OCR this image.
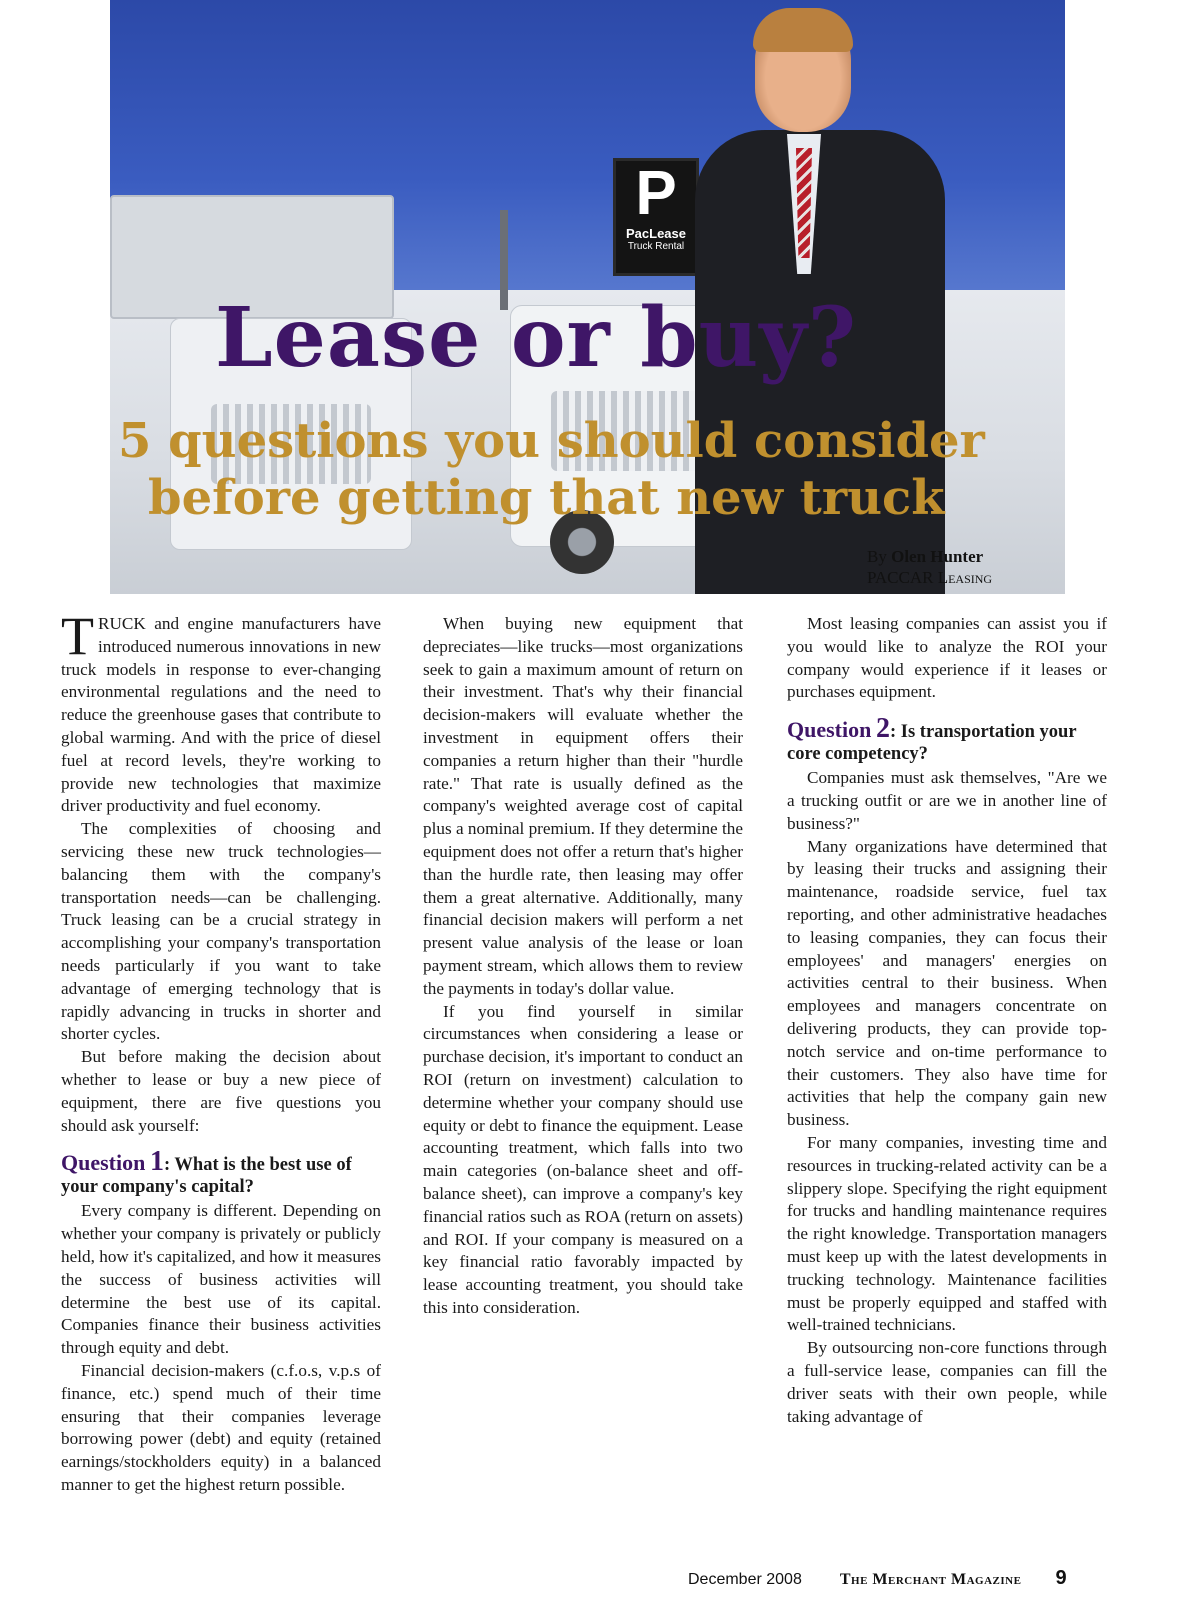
P
PacLease
Truck Rental
Lease or buy?
5 questions you should consider
before getting that new truck
By Olen Hunter
PACCAR Leasing

TRUCK and engine manufacturers have introduced numerous innovations in new truck models in response to ever-changing environmental regulations and the need to reduce the greenhouse gases that contribute to global warming. And with the price of diesel fuel at record levels, they're working to provide new technologies that maximize driver productivity and fuel economy.

The complexities of choosing and servicing these new truck technologies—balancing them with the company's transportation needs—can be challenging. Truck leasing can be a crucial strategy in accomplishing your company's transportation needs particularly if you want to take advantage of emerging technology that is rapidly advancing in trucks in shorter and shorter cycles.

But before making the decision about whether to lease or buy a new piece of equipment, there are five questions you should ask yourself:

Question 1: What is the best use of your company's capital?

Every company is different. Depending on whether your company is privately or publicly held, how it's capitalized, and how it measures the success of business activities will determine the best use of its capital. Companies finance their business activities through equity and debt.

Financial decision-makers (c.f.o.s, v.p.s of finance, etc.) spend much of their time ensuring that their companies leverage borrowing power (debt) and equity (retained earnings/stockholders equity) in a balanced manner to get the highest return possible.

When buying new equipment that depreciates—like trucks—most organizations seek to gain a maximum amount of return on their investment. That's why their financial decision-makers will evaluate whether the investment in equipment offers their companies a return higher than their "hurdle rate." That rate is usually defined as the company's weighted average cost of capital plus a nominal premium. If they determine the equipment does not offer a return that's higher than the hurdle rate, then leasing may offer them a great alternative. Additionally, many financial decision makers will perform a net present value analysis of the lease or loan payment stream, which allows them to review the payments in today's dollar value.

If you find yourself in similar circumstances when considering a lease or purchase decision, it's important to conduct an ROI (return on investment) calculation to determine whether your company should use equity or debt to finance the equipment. Lease accounting treatment, which falls into two main categories (on-balance sheet and off-balance sheet), can improve a company's key financial ratios such as ROA (return on assets) and ROI. If your company is measured on a key financial ratio favorably impacted by lease accounting treatment, you should take this into consideration.

Most leasing companies can assist you if you would like to analyze the ROI your company would experience if it leases or purchases equipment.

Question 2: Is transportation your core competency?

Companies must ask themselves, "Are we a trucking outfit or are we in another line of business?"

Many organizations have determined that by leasing their trucks and assigning their maintenance, roadside service, fuel tax reporting, and other administrative headaches to leasing companies, they can focus their employees' and managers' energies on activities central to their business. When employees and managers concentrate on delivering products, they can provide top-notch service and on-time performance to their customers. They also have time for activities that help the company gain new business.

For many companies, investing time and resources in trucking-related activity can be a slippery slope. Specifying the right equipment for trucks and handling maintenance requires the right knowledge. Transportation managers must keep up with the latest developments in trucking technology. Maintenance facilities must be properly equipped and staffed with well-trained technicians.

By outsourcing non-core functions through a full-service lease, companies can fill the driver seats with their own people, while taking advantage of

December 2008 The Merchant Magazine 9
